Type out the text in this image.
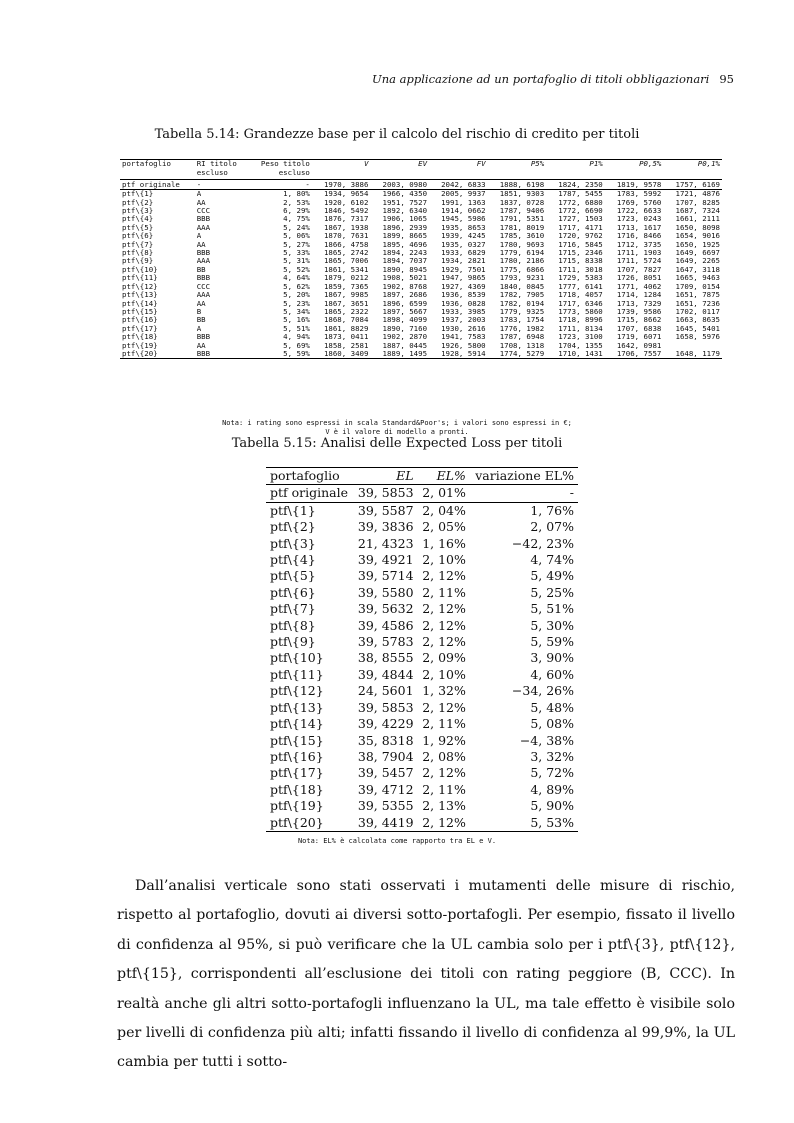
Una applicazione ad un portafoglio di titoli obbligazionari 95
Tabella 5.14: Grandezze base per il calcolo del rischio di credito per titoli
portafoglio	RI titolo	Peso titolo	V	EV	FV	P5%	P1%	P0,5%	P0,1%
	escluso	escluso							
ptf originale	-	-	1970, 3886	2003, 0980	2042, 6833	1888, 6198	1824, 2350	1819, 9578	1757, 6169
ptf\{1}	A	1, 80%	1934, 9654	1966, 4350	2005, 9937	1851, 9303	1787, 5455	1783, 5992	1721, 4876
ptf\{2}	AA	2, 53%	1920, 6102	1951, 7527	1991, 1363	1837, 0728	1772, 6880	1769, 5760	1707, 8285
ptf\{3}	CCC	6, 29%	1846, 5492	1892, 6340	1914, 0662	1787, 9406	1772, 6690	1722, 6633	1687, 7324
ptf\{4}	BBB	4, 75%	1876, 7317	1906, 1065	1945, 5986	1791, 5351	1727, 1503	1723, 0243	1661, 2111
ptf\{5}	AAA	5, 24%	1867, 1938	1896, 2939	1935, 8653	1781, 8019	1717, 4171	1713, 1617	1650, 8098
ptf\{6}	A	5, 06%	1870, 7631	1899, 8665	1939, 4245	1785, 3610	1720, 9762	1716, 8466	1654, 9016
ptf\{7}	AA	5, 27%	1866, 4758	1895, 4696	1935, 0327	1780, 9693	1716, 5845	1712, 3735	1650, 1925
ptf\{8}	BBB	5, 33%	1865, 2742	1894, 2243	1933, 6829	1779, 6194	1715, 2346	1711, 1903	1649, 6697
ptf\{9}	AAA	5, 31%	1865, 7006	1894, 7037	1934, 2821	1780, 2186	1715, 8338	1711, 5724	1649, 2265
ptf\{10}	BB	5, 52%	1861, 5341	1890, 8945	1929, 7501	1775, 6866	1711, 3018	1707, 7827	1647, 3118
ptf\{11}	BBB	4, 64%	1879, 0212	1908, 5021	1947, 9865	1793, 9231	1729, 5383	1726, 8051	1665, 9463
ptf\{12}	CCC	5, 62%	1859, 7365	1902, 8768	1927, 4369	1840, 0845	1777, 6141	1771, 4062	1709, 0154
ptf\{13}	AAA	5, 20%	1867, 9985	1897, 2686	1936, 8539	1782, 7905	1718, 4057	1714, 1284	1651, 7875
ptf\{14}	AA	5, 23%	1867, 3651	1896, 6599	1936, 0828	1782, 0194	1717, 6346	1713, 7329	1651, 7236
ptf\{15}	B	5, 34%	1865, 2322	1897, 5667	1933, 3985	1779, 9325	1773, 5860	1739, 9586	1702, 0117
ptf\{16}	BB	5, 16%	1868, 7084	1898, 4099	1937, 2003	1783, 1754	1718, 8996	1715, 8662	1663, 8635
ptf\{17}	A	5, 51%	1861, 8829	1890, 7160	1930, 2616	1776, 1982	1711, 8134	1707, 6838	1645, 5401
ptf\{18}	BBB	4, 94%	1873, 0411	1902, 2870	1941, 7583	1787, 6948	1723, 3100	1719, 6071	1658, 5976
ptf\{19}	AA	5, 69%	1858, 2581	1887, 0445	1926, 5800	1708, 1318	1704, 1355	1642, 0981	
ptf\{20}	BBB	5, 59%	1860, 3409	1889, 1495	1928, 5914	1774, 5279	1710, 1431	1706, 7557	1648, 1179
Nota: i rating sono espressi in scala Standard&Poor's; i valori sono espressi in €;
V è il valore di modello a pronti.
Tabella 5.15: Analisi delle Expected Loss per titoli
portafoglio	EL	EL%	variazione EL%
ptf originale	39, 5853	2, 01%	-
ptf\{1}	39, 5587	2, 04%	1, 76%
ptf\{2}	39, 3836	2, 05%	2, 07%
ptf\{3}	21, 4323	1, 16%	−42, 23%
ptf\{4}	39, 4921	2, 10%	4, 74%
ptf\{5}	39, 5714	2, 12%	5, 49%
ptf\{6}	39, 5580	2, 11%	5, 25%
ptf\{7}	39, 5632	2, 12%	5, 51%
ptf\{8}	39, 4586	2, 12%	5, 30%
ptf\{9}	39, 5783	2, 12%	5, 59%
ptf\{10}	38, 8555	2, 09%	3, 90%
ptf\{11}	39, 4844	2, 10%	4, 60%
ptf\{12}	24, 5601	1, 32%	−34, 26%
ptf\{13}	39, 5853	2, 12%	5, 48%
ptf\{14}	39, 4229	2, 11%	5, 08%
ptf\{15}	35, 8318	1, 92%	−4, 38%
ptf\{16}	38, 7904	2, 08%	3, 32%
ptf\{17}	39, 5457	2, 12%	5, 72%
ptf\{18}	39, 4712	2, 11%	4, 89%
ptf\{19}	39, 5355	2, 13%	5, 90%
ptf\{20}	39, 4419	2, 12%	5, 53%
Nota: EL% è calcolata come rapporto tra EL e V.
Dall’analisi verticale sono stati osservati i mutamenti delle misure di rischio, rispetto al portafoglio, dovuti ai diversi sotto-portafogli. Per esempio, fissato il livello di confidenza al 95%, si può verificare che la UL cambia solo per i ptf\{3}, ptf\{12}, ptf\{15}, corrispondenti all’esclusione dei titoli con rating peggiore (B, CCC). In realtà anche gli altri sotto-portafogli influenzano la UL, ma tale effetto è visibile solo per livelli di confidenza più alti; infatti fissando il livello di confidenza al 99,9%, la UL cambia per tutti i sotto-
